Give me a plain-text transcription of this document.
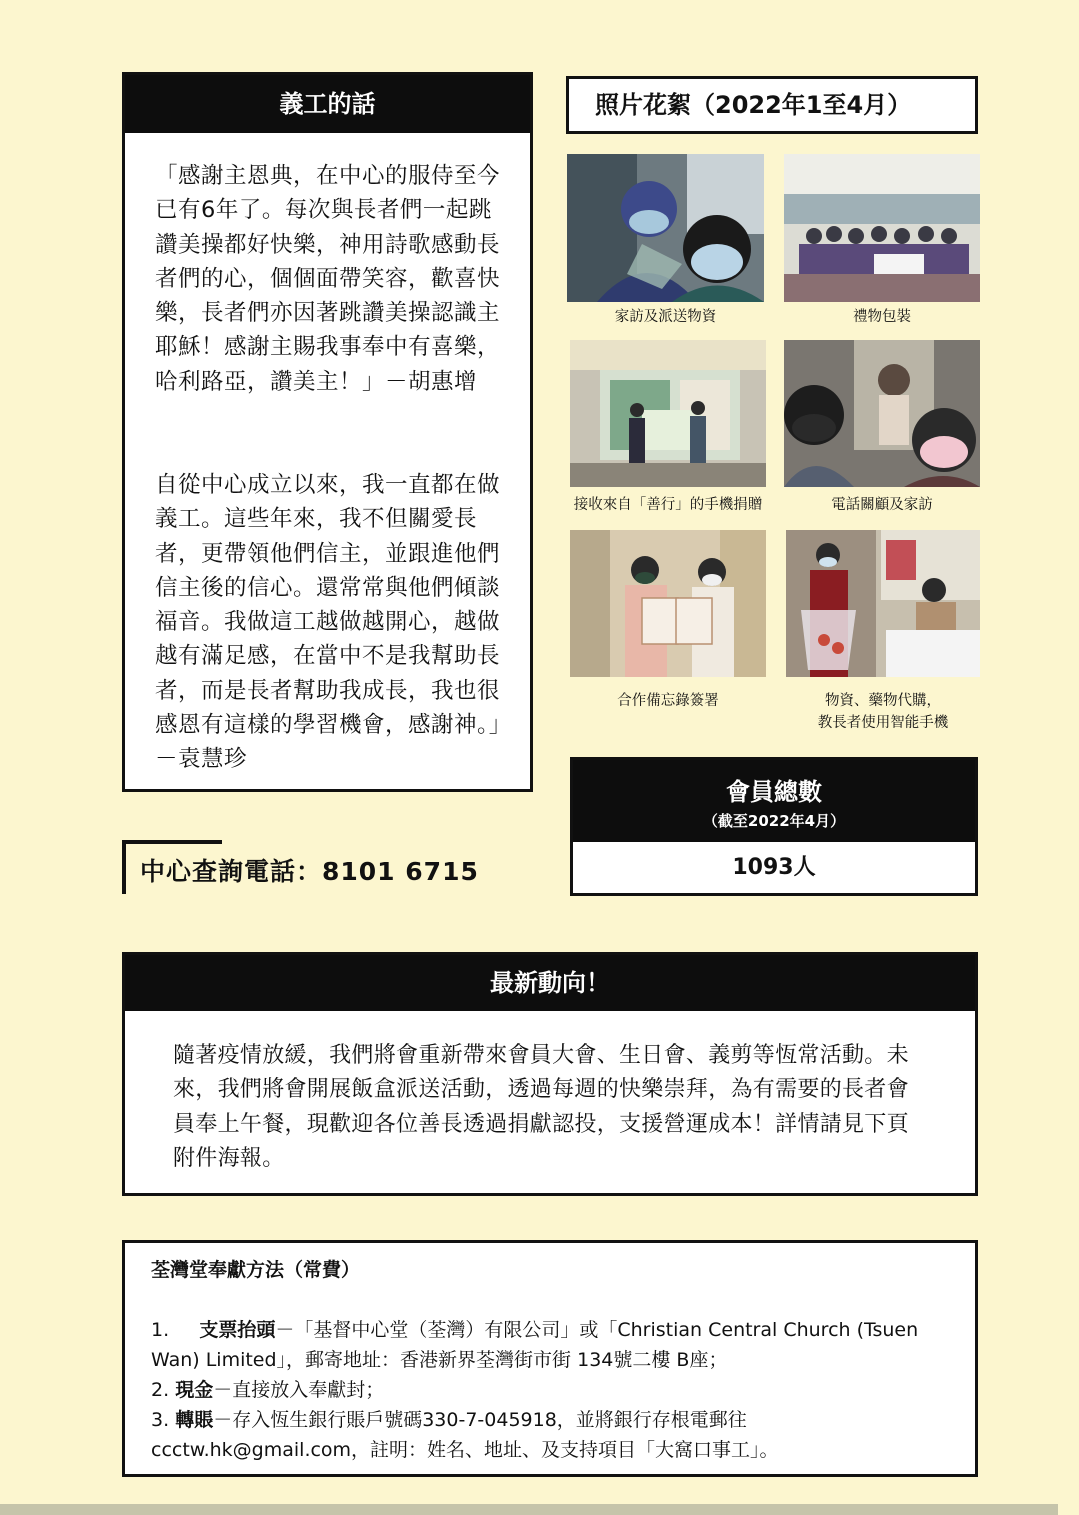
義工的話
「感謝主恩典，在中心的服侍至今已有6年了。每次與長者們一起跳讚美操都好快樂，神用詩歌感動長者們的心，個個面帶笑容，歡喜快樂，長者們亦因著跳讚美操認識主耶穌！感謝主賜我事奉中有喜樂，哈利路亞，讚美主！」－胡惠增
自從中心成立以來，我一直都在做義工。這些年來，我不但關愛長者，更帶領他們信主，並跟進他們信主後的信心。還常常與他們傾談福音。我做這工越做越開心，越做越有滿足感，在當中不是我幫助長者，而是長者幫助我成長，我也很感恩有這樣的學習機會，感謝神。」－袁慧珍
中心查詢電話：8101 6715
照片花絮（2022年1至4月）
家訪及派送物資	禮物包裝
接收來自「善行」的手機捐贈	電話關顧及家訪
合作備忘錄簽署	物資、藥物代購，
教長者使用智能手機
會員總數
（截至2022年4月）
1093人
最新動向！
隨著疫情放緩，我們將會重新帶來會員大會、生日會、義剪等恆常活動。未來，我們將會開展飯盒派送活動，透過每週的快樂崇拜，為有需要的長者會員奉上午餐，現歡迎各位善長透過捐獻認投，支援營運成本！詳情請見下頁附件海報。
荃灣堂奉獻方法（常費）
1. 支票抬頭－「基督中心堂（荃灣）有限公司」或「Christian Central Church (Tsuen
Wan) Limited」，郵寄地址：香港新界荃灣街市街 134號二樓 B座；
2. 現金－直接放入奉獻封；
3. 轉賬－存入恆生銀行賬戶號碼330-7-045918，並將銀行存根電郵往
ccctw.hk@gmail.com，註明：姓名、地址、及支持項目「大窩口事工」。
